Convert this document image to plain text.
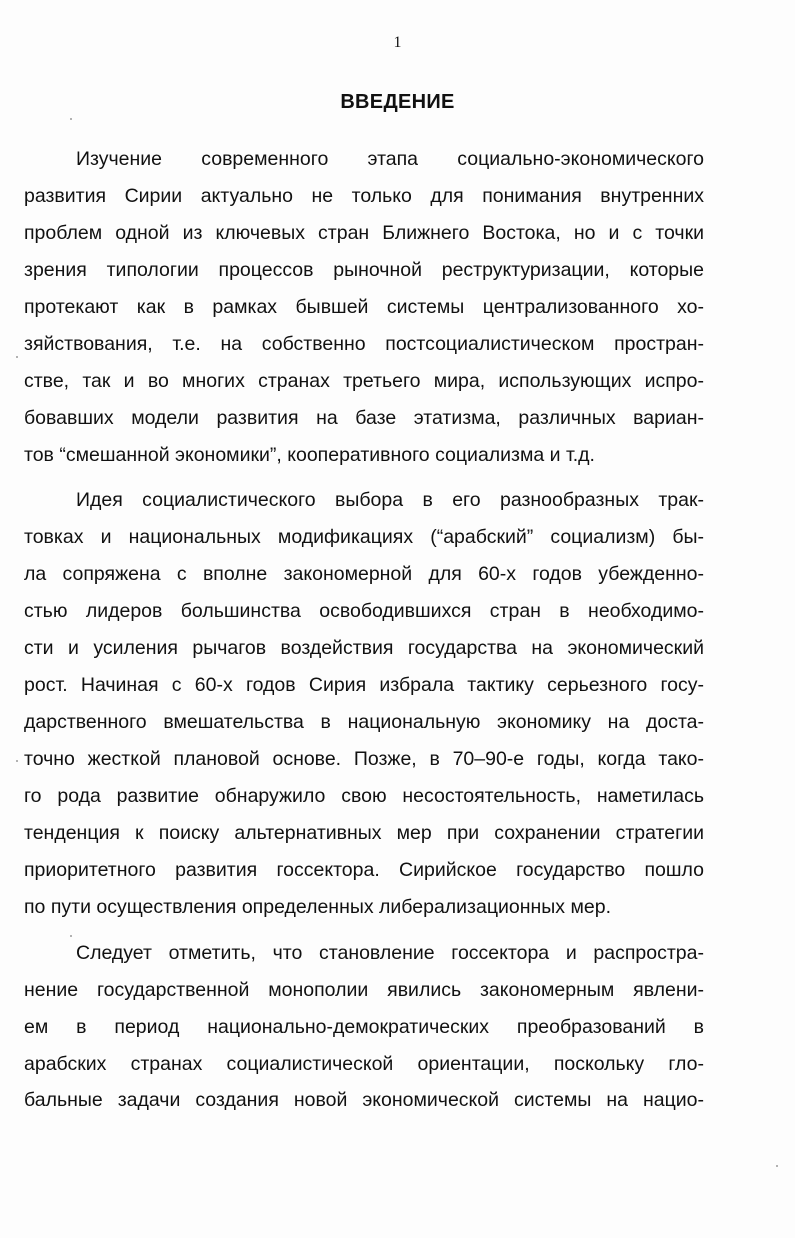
1
ВВЕДЕНИЕ
Изучение современного этапа социально-экономического
развития Сирии актуально не только для понимания внутренних
проблем одной из ключевых стран Ближнего Востока, но и с точки
зрения типологии процессов рыночной реструктуризации, которые
протекают как в рамках бывшей системы централизованного хо-
зяйствования, т.е. на собственно постсоциалистическом простран-
стве, так и во многих странах третьего мира, использующих испро-
бовавших модели развития на базе этатизма, различных вариан-
тов “смешанной экономики”, кооперативного социализма и т.д.
Идея социалистического выбора в его разнообразных трак-
товках и национальных модификациях (“арабский” социализм) бы-
ла сопряжена с вполне закономерной для 60-х годов убежденно-
стью лидеров большинства освободившихся стран в необходимо-
сти и усиления рычагов воздействия государства на экономический
рост. Начиная с 60-х годов Сирия избрала тактику серьезного госу-
дарственного вмешательства в национальную экономику на доста-
точно жесткой плановой основе. Позже, в 70–90-е годы, когда тако-
го рода развитие обнаружило свою несостоятельность, наметилась
тенденция к поиску альтернативных мер при сохранении стратегии
приоритетного развития госсектора. Сирийское государство пошло
по пути осуществления определенных либерализационных мер.
Следует отметить, что становление госсектора и распростра-
нение государственной монополии явились закономерным явлени-
ем в период национально-демократических преобразований в
арабских странах социалистической ориентации, поскольку гло-
бальные задачи создания новой экономической системы на нацио-
